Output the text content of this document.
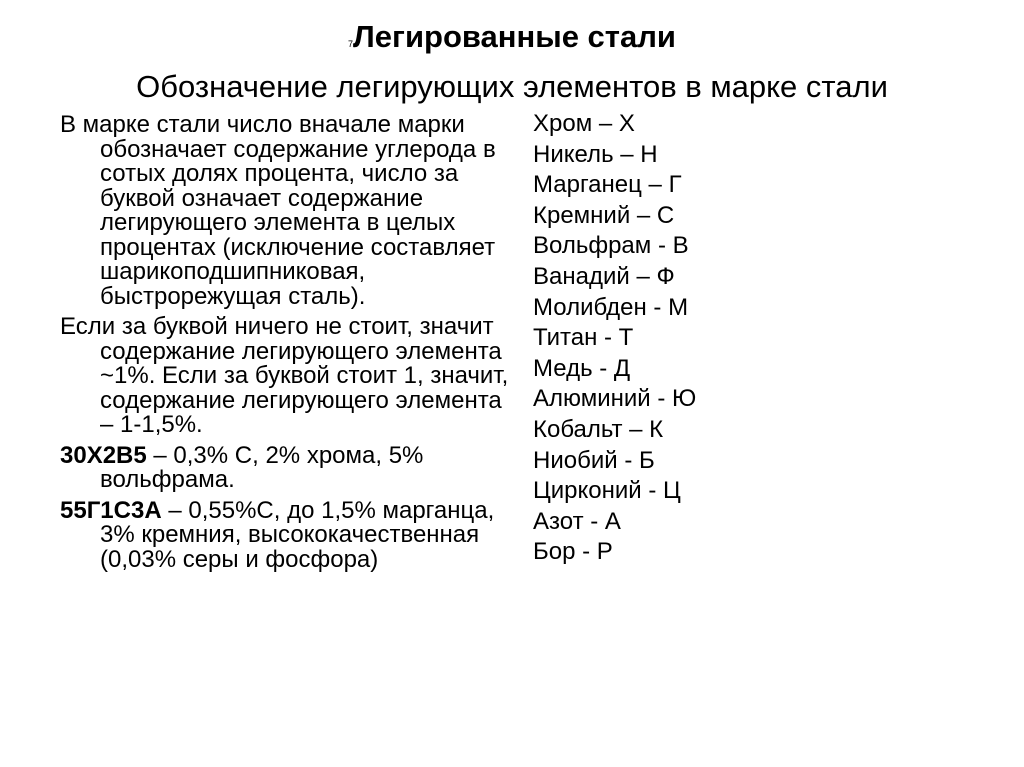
7Легированные стали
Обозначение легирующих элементов в марке стали

В марке стали число вначале марки обозначает содержание углерода в сотых долях процента, число за буквой означает содержание легирующего элемента в целых процентах (исключение составляет шарикоподшипниковая, быстрорежущая сталь).

Если за буквой ничего не стоит, значит содержание легирующего элемента ~1%. Если за буквой стоит 1, значит, содержание легирующего элемента – 1-1,5%.

30Х2В5 – 0,3% С, 2% хрома, 5% вольфрама.

55Г1С3А – 0,55%С, до 1,5% марганца, 3% кремния, высококачественная (0,03% серы и фосфора)

Хром – Х
Никель – Н
Марганец – Г
Кремний – С
Вольфрам - В
Ванадий – Ф
Молибден - М
Титан - Т
Медь - Д
Алюминий - Ю
Кобальт – К
Ниобий - Б
Цирконий - Ц
Азот - А
Бор - Р
